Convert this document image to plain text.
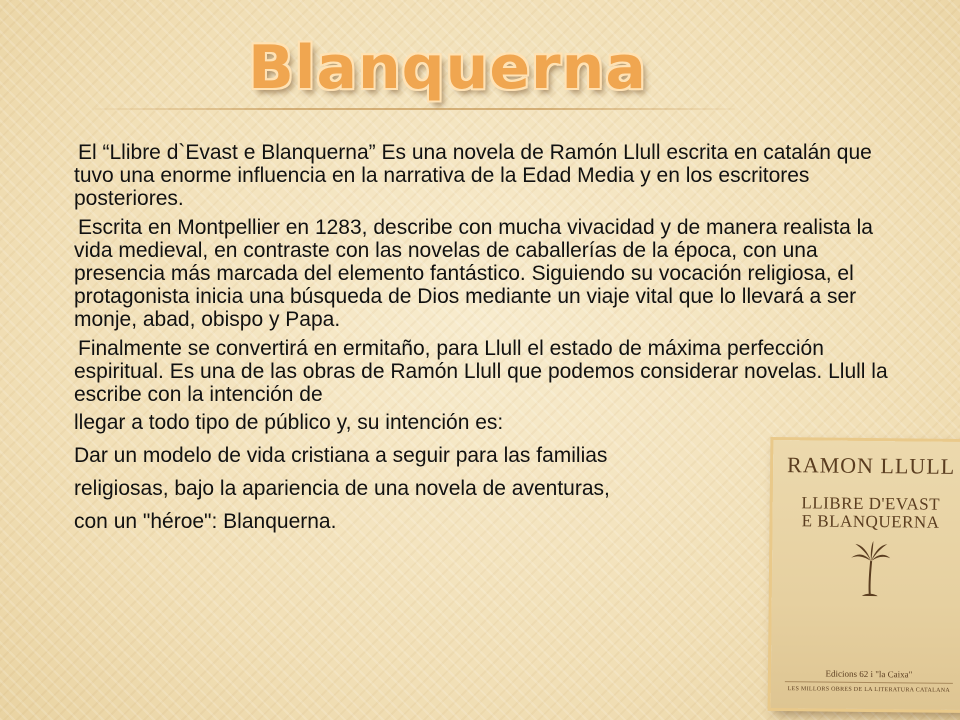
Blanquerna

El “Llibre d`Evast e Blanquerna” Es una novela de Ramón Llull escrita en catalán que tuvo una enorme influencia en la narrativa de la Edad Media y en los escritores posteriores.

Escrita en Montpellier en 1283, describe con mucha vivacidad y de manera realista la vida medieval, en contraste con las novelas de caballerías de la época, con una presencia más marcada del elemento fantástico. Siguiendo su vocación religiosa, el protagonista inicia una búsqueda de Dios mediante un viaje vital que lo llevará a ser monje, abad, obispo y Papa.

Finalmente se convertirá en ermitaño, para Llull el estado de máxima perfección espiritual. Es una de las obras de Ramón Llull que podemos considerar novelas. Llull la escribe con la intención de

llegar a todo tipo de público y, su intención es:
Dar un modelo de vida cristiana a seguir para las familias
religiosas, bajo la apariencia de una novela de aventuras,
con un "héroe": Blanquerna.
RAMON LLULL
LLIBRE D'EVAST
E BLANQUERNA
Edicions 62 i "la Caixa"
LES MILLORS OBRES DE LA LITERATURA CATALANA
